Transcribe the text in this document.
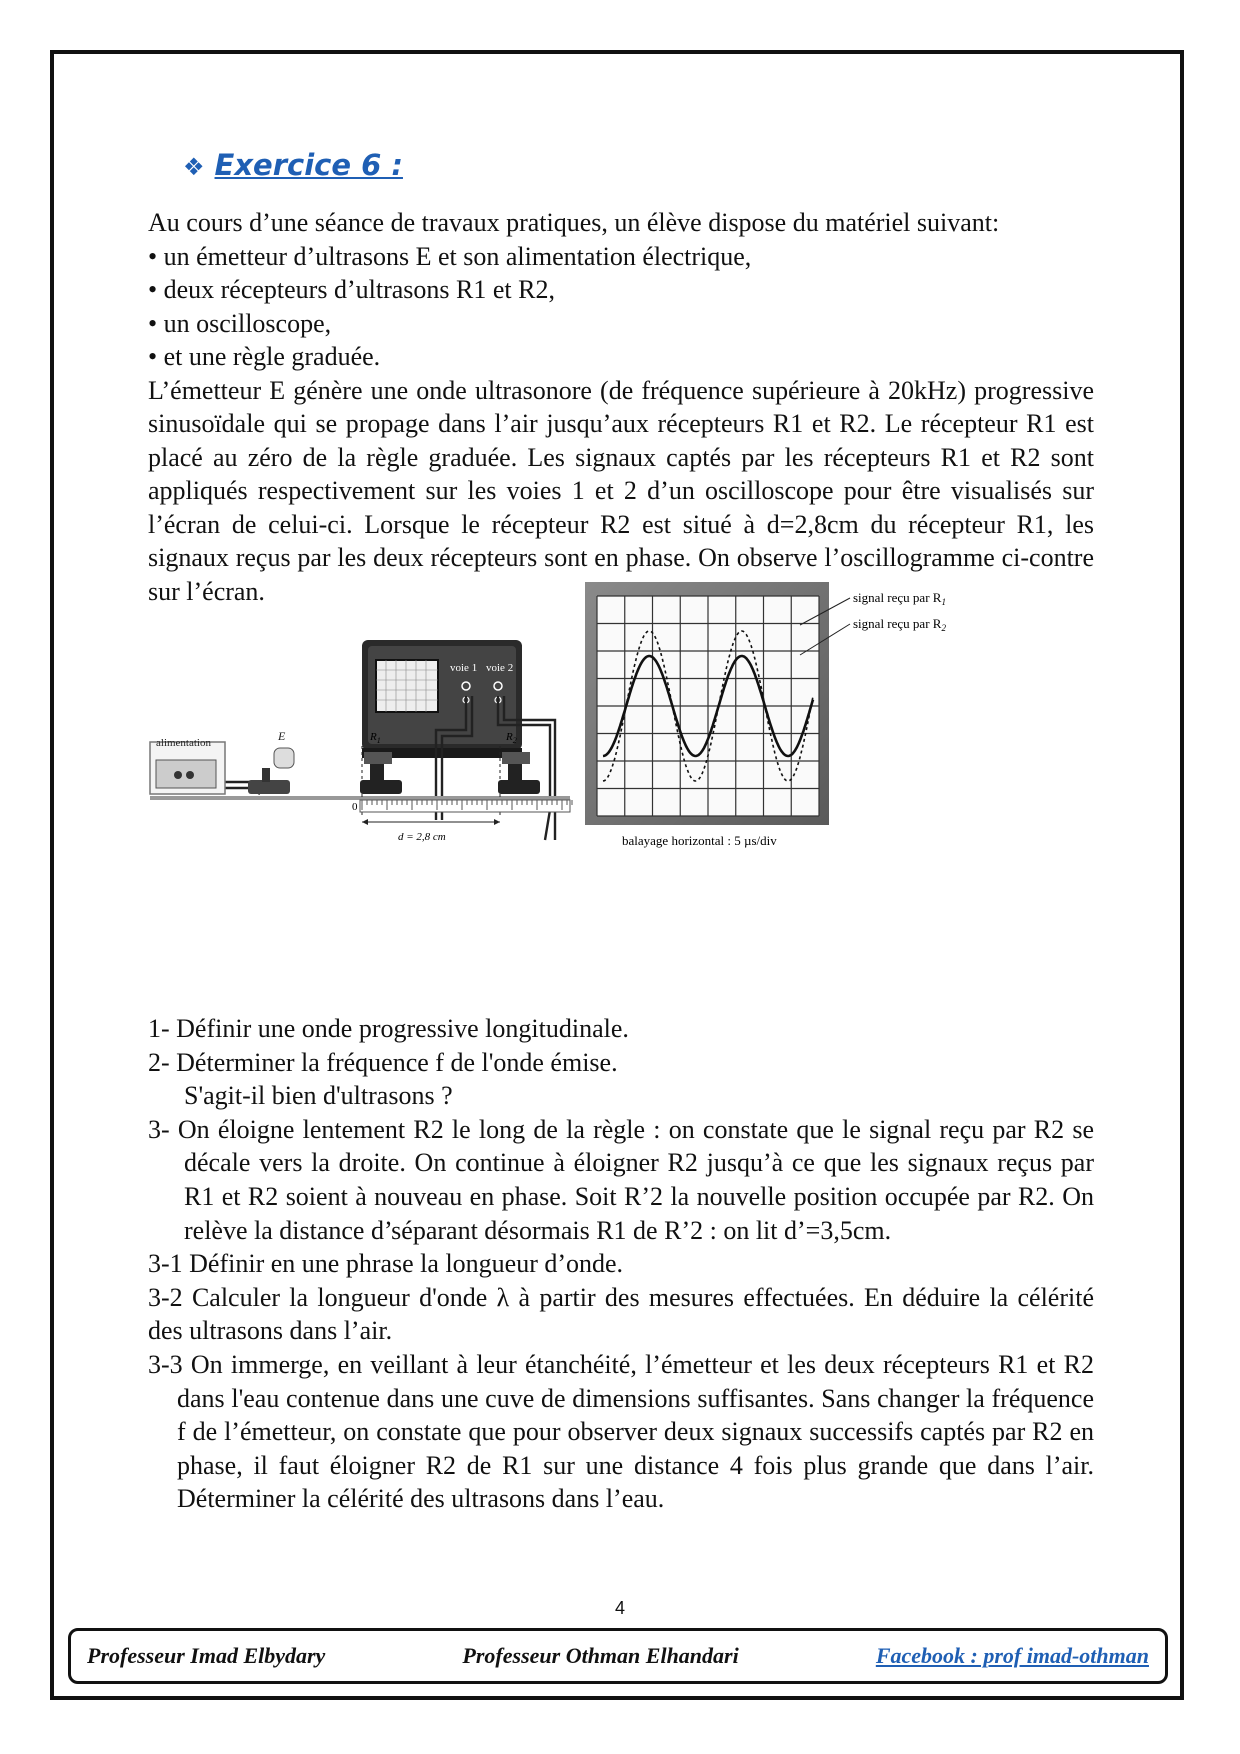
❖ Exercice 6 :

Au cours d’une séance de travaux pratiques, un élève dispose du matériel suivant:

• un émetteur d’ultrasons E et son alimentation électrique,

• deux récepteurs d’ultrasons R1 et R2,

• un oscilloscope,

• et une règle graduée.

L’émetteur E génère une onde ultrasonore (de fréquence supérieure à 20kHz) progressive sinusoïdale qui se propage dans l’air jusqu’aux récepteurs R1 et R2. Le récepteur R1 est placé au zéro de la règle graduée. Les signaux captés par les récepteurs R1 et R2 sont appliqués respectivement sur les voies 1 et 2 d’un oscilloscope pour être visualisés sur l’écran de celui-ci. Lorsque le récepteur R2 est situé à d=2,8cm du récepteur R1, les signaux reçus par les deux récepteurs sont en phase. On observe l’oscillogramme ci-contre sur l’écran.

voie 1 voie 2
alimentation	E	$R_1$	$R_2$
0
d = 2,8 cm
signal reçu par $R_1$
signal reçu par $R_2$
balayage horizontal : 5 µs/div

1- Définir une onde progressive longitudinale.

2- Déterminer la fréquence f de l'onde émise.

S'agit-il bien d'ultrasons ?

3- On éloigne lentement R2 le long de la règle : on constate que le signal reçu par R2 se décale vers la droite. On continue à éloigner R2 jusqu’à ce que les signaux reçus par R1 et R2 soient à nouveau en phase. Soit R’2 la nouvelle position occupée par R2. On relève la distance d’séparant désormais R1 de R’2 : on lit d’=3,5cm.

3-1 Définir en une phrase la longueur d’onde.

3-2 Calculer la longueur d'onde λ à partir des mesures effectuées. En déduire la célérité des ultrasons dans l’air.

3-3 On immerge, en veillant à leur étanchéité, l’émetteur et les deux récepteurs R1 et R2 dans l'eau contenue dans une cuve de dimensions suffisantes. Sans changer la fréquence f de l’émetteur, on constate que pour observer deux signaux successifs captés par R2 en phase, il faut éloigner R2 de R1 sur une distance 4 fois plus grande que dans l’air. Déterminer la célérité des ultrasons dans l’eau.

4
Professeur Imad Elbydary	Professeur Othman Elhandari	Facebook : prof imad-othman
